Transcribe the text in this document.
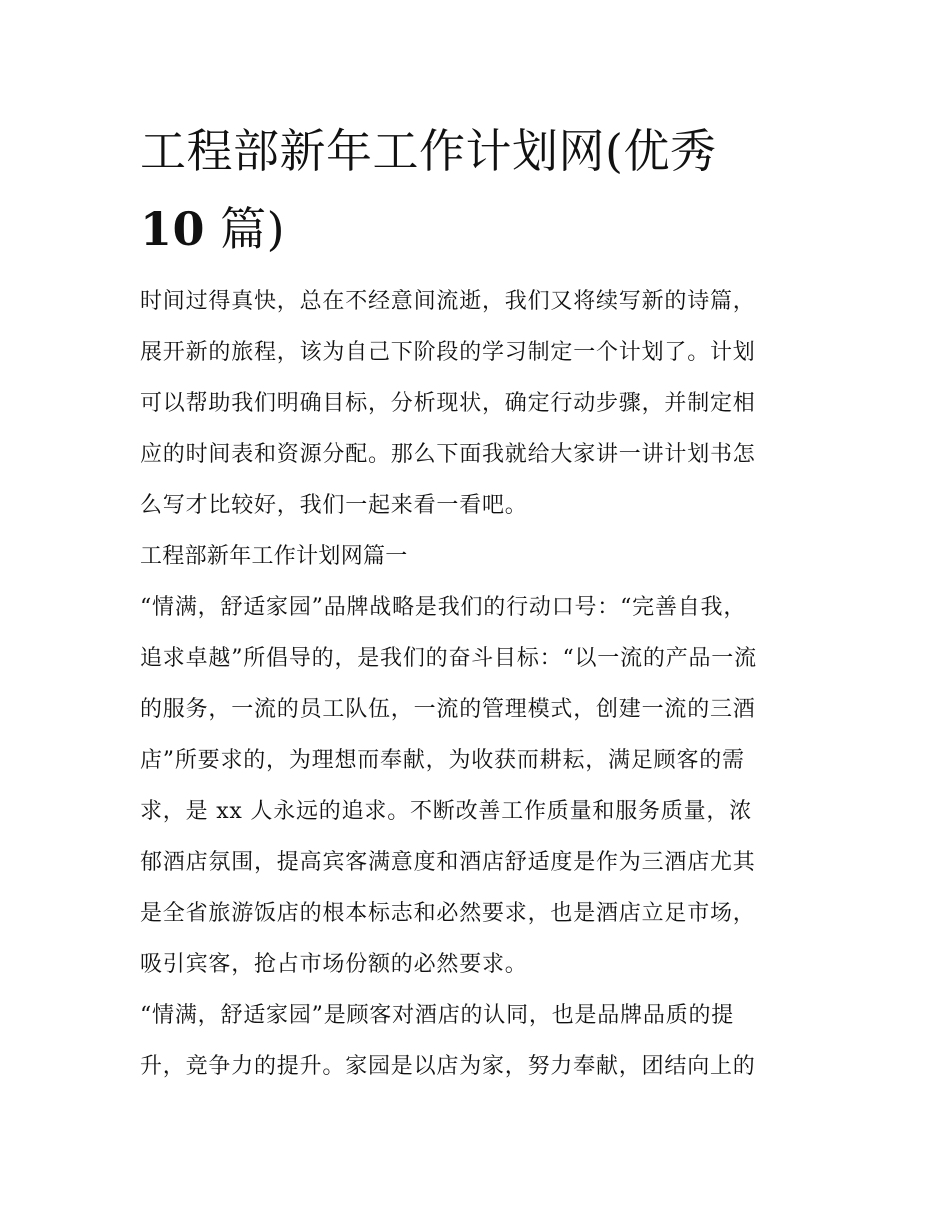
工程部新年工作计划网(优秀
10 篇)
时间过得真快，总在不经意间流逝，我们又将续写新的诗篇，
展开新的旅程，该为自己下阶段的学习制定一个计划了。计划
可以帮助我们明确目标，分析现状，确定行动步骤，并制定相
应的时间表和资源分配。那么下面我就给大家讲一讲计划书怎
么写才比较好，我们一起来看一看吧。
工程部新年工作计划网篇一
“情满，舒适家园”品牌战略是我们的行动口号：“完善自我，
追求卓越”所倡导的，是我们的奋斗目标：“以一流的产品一流
的服务，一流的员工队伍，一流的管理模式，创建一流的三酒
店”所要求的，为理想而奉献，为收获而耕耘，满足顾客的需
求，是 xx 人永远的追求。不断改善工作质量和服务质量，浓
郁酒店氛围，提高宾客满意度和酒店舒适度是作为三酒店尤其
是全省旅游饭店的根本标志和必然要求，也是酒店立足市场，
吸引宾客，抢占市场份额的必然要求。
“情满，舒适家园”是顾客对酒店的认同，也是品牌品质的提
升，竞争力的提升。家园是以店为家，努力奉献，团结向上的
